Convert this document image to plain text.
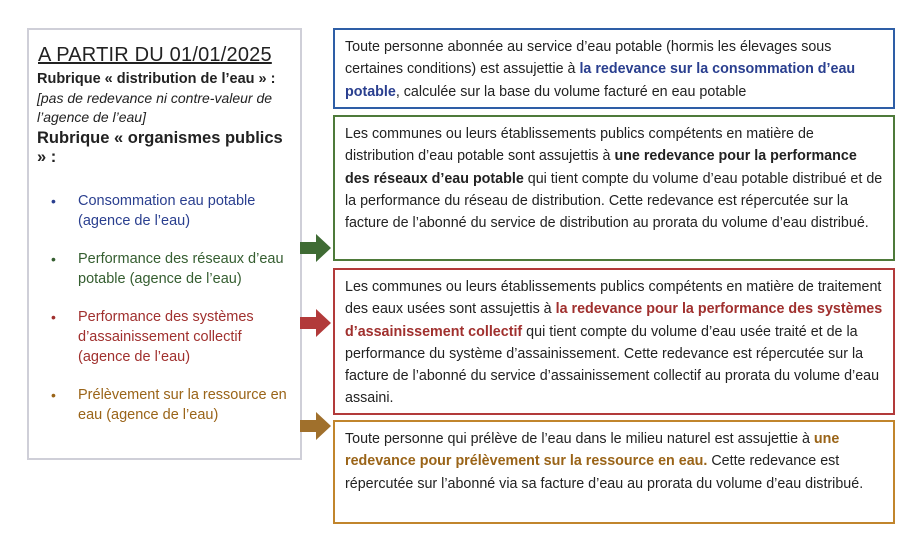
A PARTIR DU 01/01/2025
Rubrique « distribution de l’eau » :
[pas de redevance ni contre-valeur de l’agence de l’eau]
Rubrique « organismes publics » :
• Consommation eau potable (agence de l’eau)
• Performance des réseaux d’eau potable (agence de l’eau)
• Performance des systèmes d’assainissement collectif (agence de l’eau)
• Prélèvement sur la ressource en eau (agence de l’eau)
Toute personne abonnée au service d’eau potable (hormis les élevages sous certaines conditions) est assujettie à la redevance sur la consommation d’eau potable, calculée sur la base du volume facturé en eau potable
Les communes ou leurs établissements publics compétents en matière de distribution d’eau potable sont assujettis à une redevance pour la performance des réseaux d’eau potable qui tient compte du volume d’eau potable distribué et de la performance du réseau de distribution. Cette redevance est répercutée sur la facture de l’abonné du service de distribution au prorata du volume d’eau distribué.
Les communes ou leurs établissements publics compétents en matière de traitement des eaux usées sont assujettis à la redevance pour la performance des systèmes d’assainissement collectif qui tient compte du volume d’eau usée traité et de la performance du système d’assainissement. Cette redevance est répercutée sur la facture de l’abonné du service d’assainissement collectif au prorata du volume d’eau assaini.
Toute personne qui prélève de l’eau dans le milieu naturel est assujettie à une redevance pour prélèvement sur la ressource en eau. Cette redevance est répercutée sur l’abonné via sa facture d’eau au prorata du volume d’eau distribué.
